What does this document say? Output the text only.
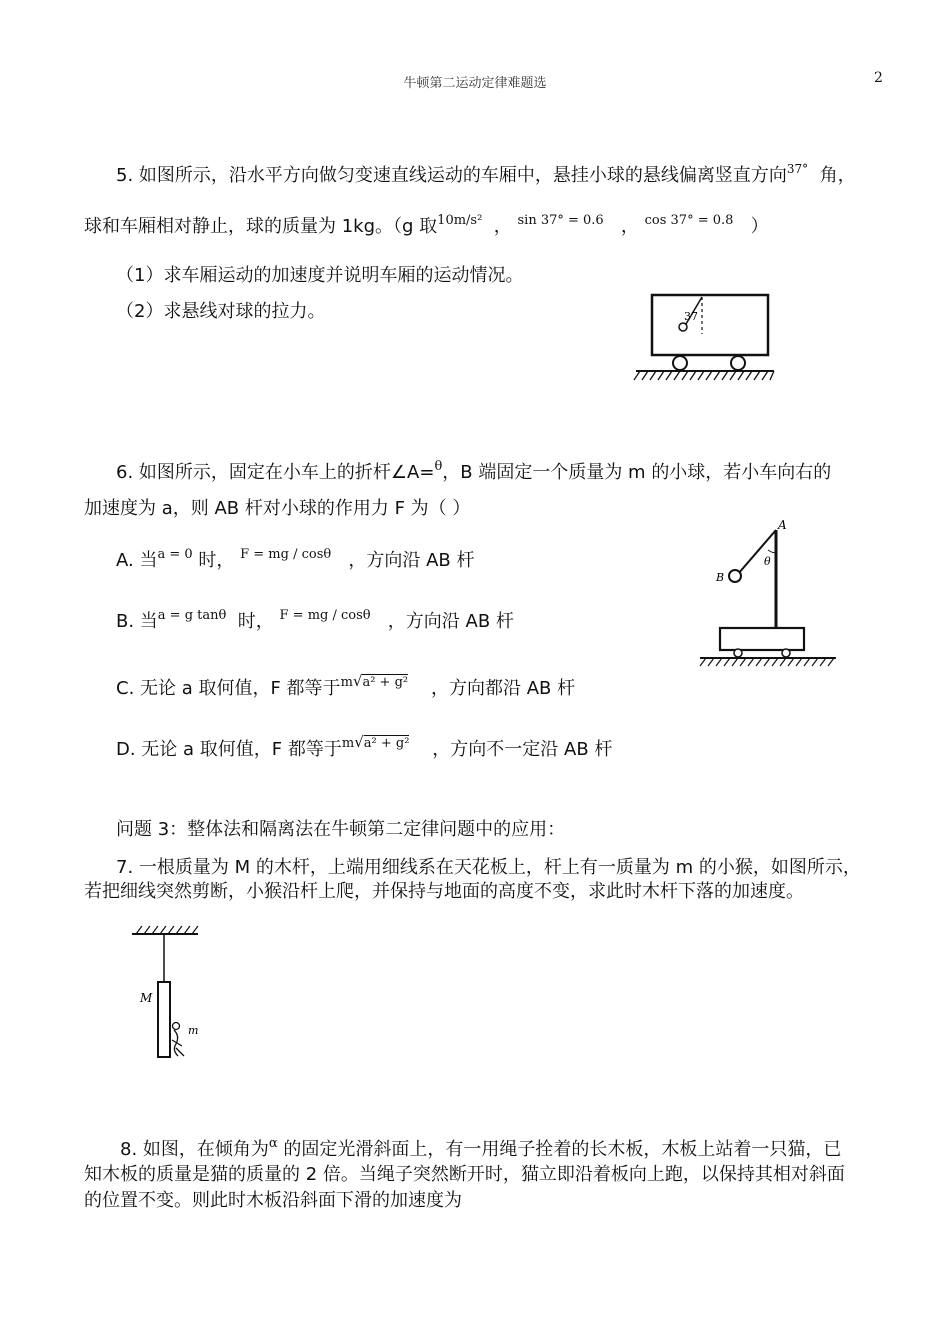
牛顿第二运动定律难题选	2
5. 如图所示，沿水平方向做匀变速直线运动的车厢中，悬挂小球的悬线偏离竖直方向$^{37^\circ}$ 角，
球和车厢相对静止，球的质量为 1kg。（g 取$^{10m/s^2}$ ， $^{sin 37^\circ = 0.6}$ ， $^{cos 37^\circ = 0.8}$ ）
（1）求车厢运动的加速度并说明车厢的运动情况。
（2）求悬线对球的拉力。	37
6. 如图所示，固定在小车上的折杆∠A=$^\theta$，B 端固定一个质量为 m 的小球，若小车向右的
加速度为 a，则 AB 杆对小球的作用力 F 为（ ）
A. 当$^{a = 0}$ 时， $^{F = mg / cos\theta}$ ，方向沿 AB 杆
B. 当$^{a = g tan\theta}$ 时， $^{F = mg / cos\theta}$ ，方向沿 AB 杆
C. 无论 a 取何值，F 都等于$^{m√a^2 + g^2}$ ，方向都沿 AB 杆
D. 无论 a 取何值，F 都等于$^{m√a^2 + g^2}$ ，方向不一定沿 AB 杆
A
B
θ
问题 3：整体法和隔离法在牛顿第二定律问题中的应用：
7. 一根质量为 M 的木杆，上端用细线系在天花板上，杆上有一质量为 m 的小猴，如图所示，
若把细线突然剪断，小猴沿杆上爬，并保持与地面的高度不变，求此时木杆下落的加速度。
M
m
8. 如图，在倾角为$^\alpha$ 的固定光滑斜面上，有一用绳子拴着的长木板，木板上站着一只猫，已
知木板的质量是猫的质量的 2 倍。当绳子突然断开时，猫立即沿着板向上跑，以保持其相对斜面
的位置不变。则此时木板沿斜面下滑的加速度为
